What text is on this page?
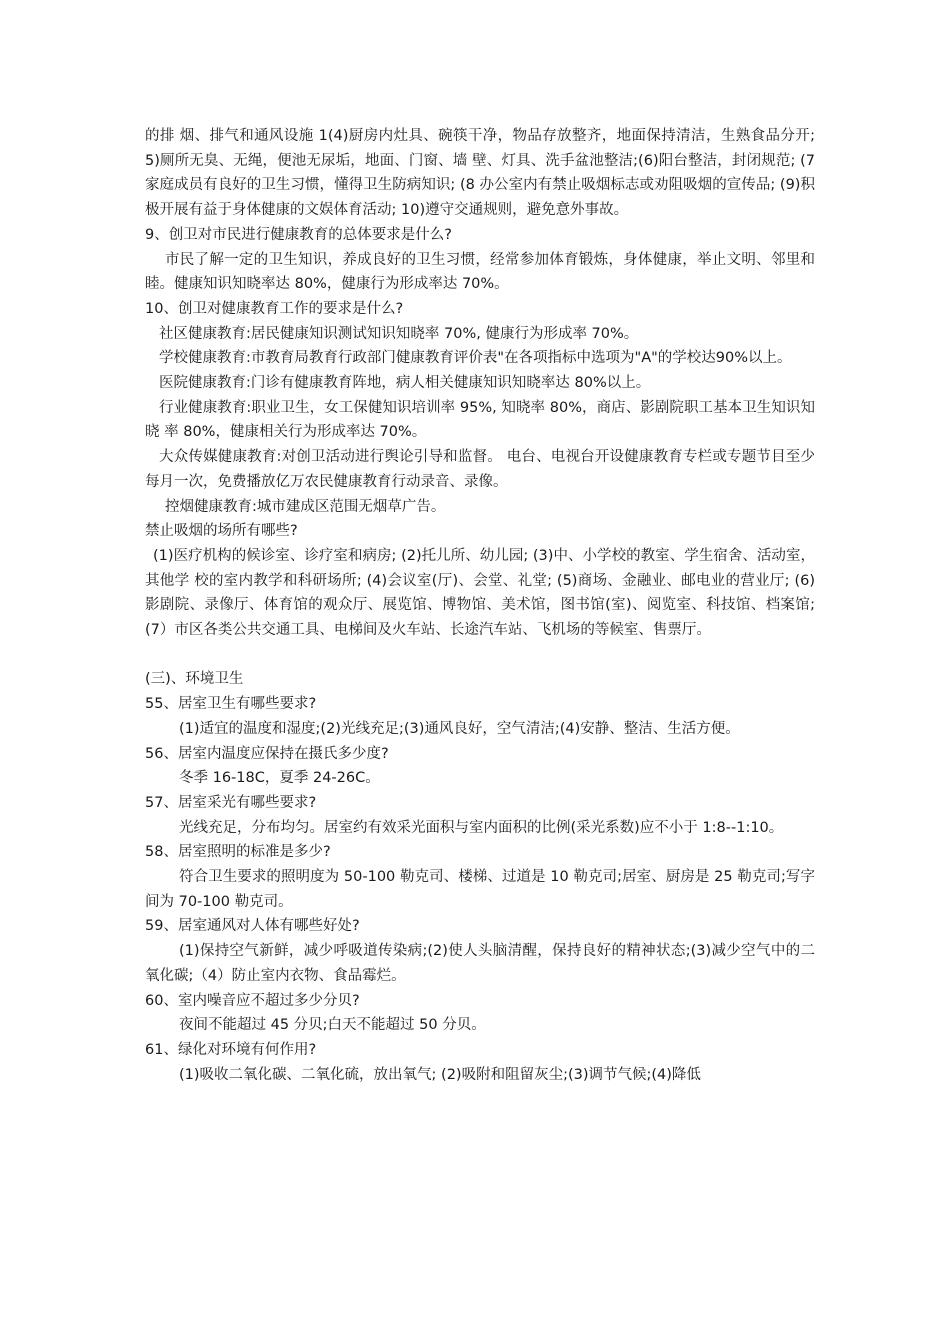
的排 烟、排气和通风设施 1(4)厨房内灶具、碗筷干净，物品存放整齐，地面保持清洁，生熟食品分开; 5)厕所无臭、无绳，便池无尿垢，地面、门窗、墙 壁、灯具、洗手盆池整洁;(6)阳台整洁，封闭规范; (7 家庭成员有良好的卫生习惯，懂得卫生防病知识; (8 办公室内有禁止吸烟标志或劝阻吸烟的宣传品; (9)积极开展有益于身体健康的文娱体育活动; 10)遵守交通规则，避免意外事故。

9、创卫对市民进行健康教育的总体要求是什么?

市民了解一定的卫生知识，养成良好的卫生习惯，经常参加体育锻炼，身体健康，举止文明、邻里和睦。健康知识知晓率达 80%，健康行为形成率达 70%。

10、创卫对健康教育工作的要求是什么?

社区健康教育:居民健康知识测试知识知晓率 70%, 健康行为形成率 70%。

学校健康教育:市教育局教育行政部门健康教育评价表"在各项指标中选项为"A"的学校达90%以上。

医院健康教育:门诊有健康教育阵地，病人相关健康知识知晓率达 80%以上。

行业健康教育:职业卫生，女工保健知识培训率 95%, 知晓率 80%，商店、影剧院职工基本卫生知识知晓 率 80%，健康相关行为形成率达 70%。

大众传媒健康教育:对创卫活动进行舆论引导和监督。 电台、电视台开设健康教育专栏或专题节目至少每月一次，免费播放亿万农民健康教育行动录音、录像。

控烟健康教育:城市建成区范围无烟草广告。

禁止吸烟的场所有哪些?

(1)医疗机构的候诊室、诊疗室和病房; (2)托儿所、幼儿园; (3)中、小学校的教室、学生宿舍、活动室，其他学 校的室内教学和科研场所; (4)会议室(厅)、会堂、礼堂; (5)商场、金融业、邮电业的营业厅; (6)影剧院、录像厅、体育馆的观众厅、展览馆、博物馆、美术馆，图书馆(室)、阅览室、科技馆、档案馆; (7）市区各类公共交通工具、电梯间及火车站、长途汽车站、飞机场的等候室、售票厅。

(三)、环境卫生

55、居室卫生有哪些要求?

(1)适宜的温度和湿度;(2)光线充足;(3)通风良好，空气清洁;(4)安静、整洁、生活方便。

56、居室内温度应保持在摄氏多少度?

冬季 16-18C，夏季 24-26C。

57、居室采光有哪些要求?

光线充足，分布均匀。居室约有效采光面积与室内面积的比例(采光系数)应不小于 1:8--1:10。

58、居室照明的标准是多少?

符合卫生要求的照明度为 50-100 勒克司、楼梯、过道是 10 勒克司;居室、厨房是 25 勒克司;写字间为 70-100 勒克司。

59、居室通风对人体有哪些好处?

(1)保持空气新鲜，减少呼吸道传染病;(2)使人头脑清醒，保持良好的精神状态;(3)减少空气中的二氧化碳;（4）防止室内衣物、食品霉烂。

60、室内噪音应不超过多少分贝?

夜间不能超过 45 分贝;白天不能超过 50 分贝。

61、绿化对环境有何作用?

(1)吸收二氧化碳、二氧化硫，放出氧气; (2)吸附和阻留灰尘;(3)调节气候;(4)降低
